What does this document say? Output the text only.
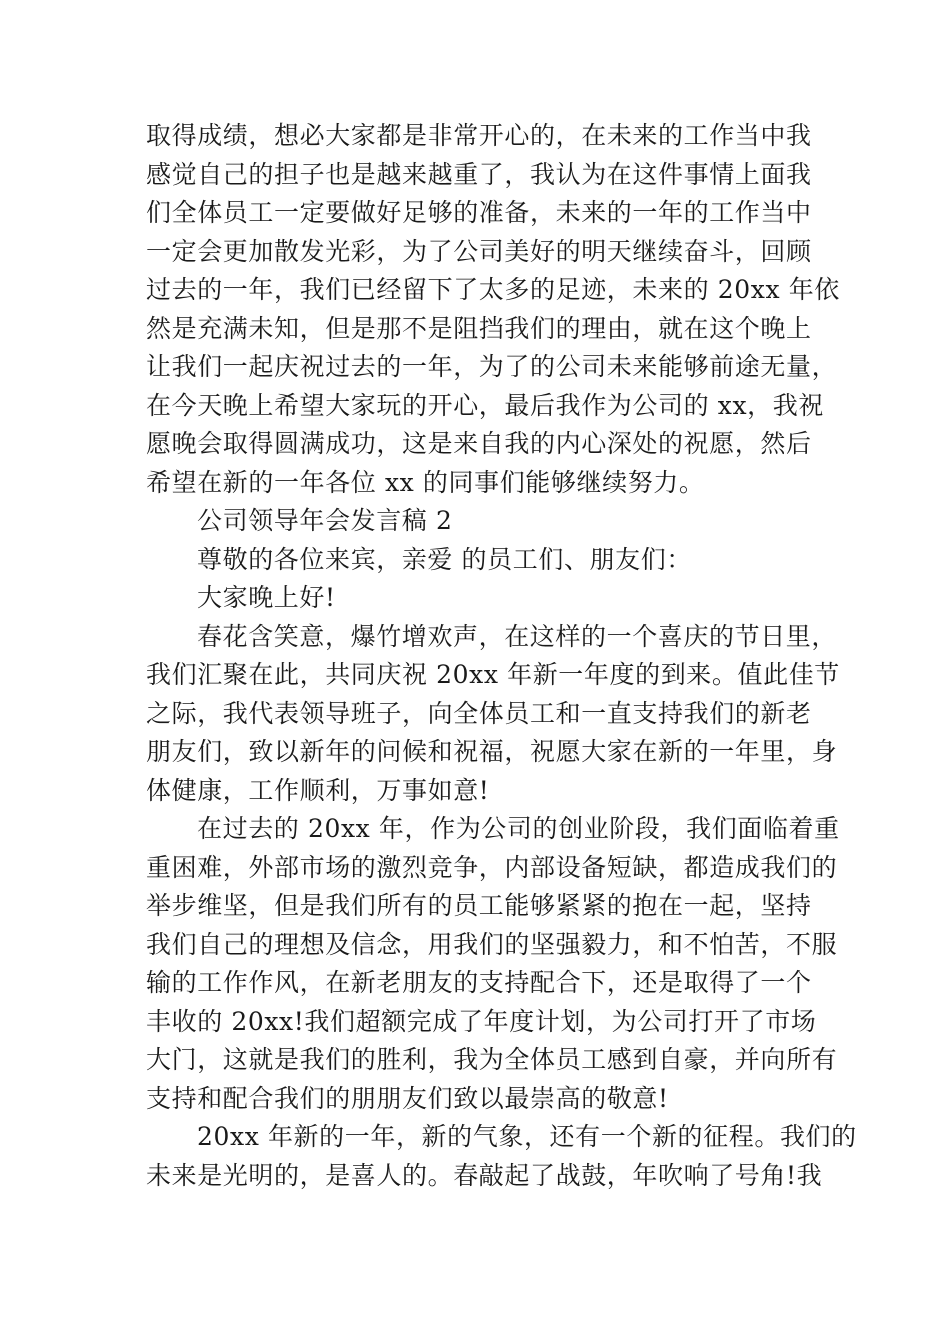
取得成绩，想必大家都是非常开心的，在未来的工作当中我
感觉自己的担子也是越来越重了，我认为在这件事情上面我
们全体员工一定要做好足够的准备，未来的一年的工作当中
一定会更加散发光彩，为了公司美好的明天继续奋斗，回顾
过去的一年，我们已经留下了太多的足迹，未来的 20xx 年依
然是充满未知，但是那不是阻挡我们的理由，就在这个晚上
让我们一起庆祝过去的一年，为了的公司未来能够前途无量，
在今天晚上希望大家玩的开心，最后我作为公司的 xx，我祝
愿晚会取得圆满成功，这是来自我的内心深处的祝愿，然后
希望在新的一年各位 xx 的同事们能够继续努力。
公司领导年会发言稿 2
尊敬的各位来宾，亲爱 的员工们、朋友们：
大家晚上好!
春花含笑意，爆竹增欢声，在这样的一个喜庆的节日里，
我们汇聚在此，共同庆祝 20xx 年新一年度的到来。值此佳节
之际，我代表领导班子，向全体员工和一直支持我们的新老
朋友们，致以新年的问候和祝福，祝愿大家在新的一年里，身
体健康，工作顺利，万事如意!
在过去的 20xx 年，作为公司的创业阶段，我们面临着重
重困难，外部市场的激烈竞争，内部设备短缺，都造成我们的
举步维坚，但是我们所有的员工能够紧紧的抱在一起，坚持
我们自己的理想及信念，用我们的坚强毅力，和不怕苦，不服
输的工作作风，在新老朋友的支持配合下，还是取得了一个
丰收的 20xx!我们超额完成了年度计划，为公司打开了市场
大门，这就是我们的胜利，我为全体员工感到自豪，并向所有
支持和配合我们的朋朋友们致以最崇高的敬意!
20xx 年新的一年，新的气象，还有一个新的征程。我们的
未来是光明的，是喜人的。春敲起了战鼓，年吹响了号角!我
